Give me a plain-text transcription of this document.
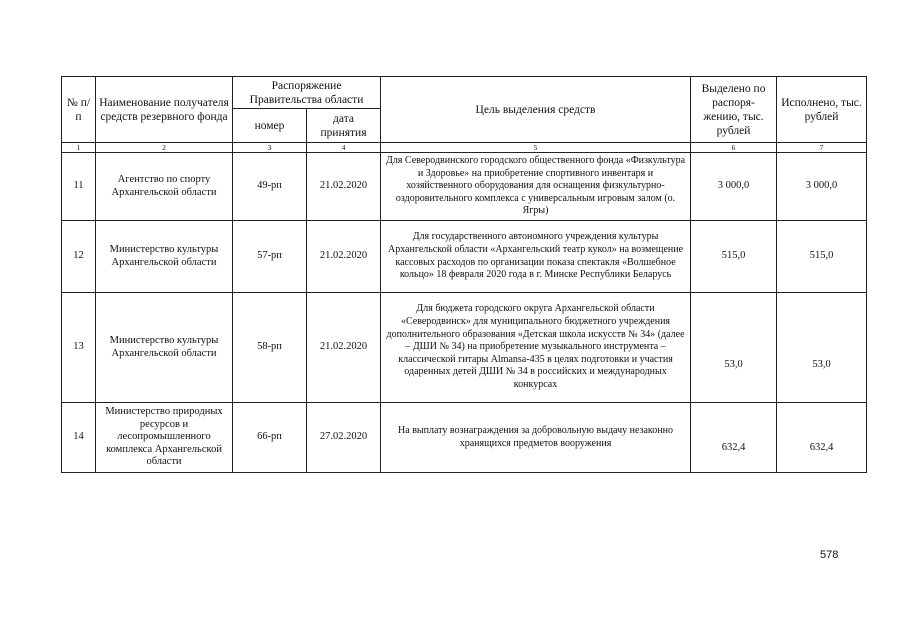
№ п/п	Наименование получателя средств резервного фонда	Распоряжение Правительства области		Цель выделения средств	Выделено по распоря-жению, тыс. рублей	Исполнено, тыс. рублей
		номер	дата принятия			
1	2	3	4	5	6	7
11	Агентство по спорту Архангельской области	49-рп	21.02.2020	Для Северодвинского городского общественного фонда «Физкультура и Здоровье» на приобретение спортивного инвентаря и хозяйственного оборудования для оснащения физкультурно-оздоровительного комплекса с универсальным игровым залом (о. Ягры)	3 000,0	3 000,0
12	Министерство культуры Архангельской области	57-рп	21.02.2020	Для государственного автономного учреждения культуры Архангельской области «Архангельский театр кукол» на возмещение кассовых расходов по организации показа спектакля «Волшебное кольцо» 18 февраля 2020 года в г. Минске Республики Беларусь	515,0	515,0
13	Министерство культуры Архангельской области	58-рп	21.02.2020	Для бюджета городского округа Архангельской области «Северодвинск» для муниципального бюджетного учреждения дополнительного образования «Детская школа искусств № 34» (далее – ДШИ № 34) на приобретение музыкального инструмента – классической гитары Almansa-435 в целях подготовки и участия одаренных детей ДШИ № 34 в российских и международных конкурсах	53,0	53,0
14	Министерство природных ресурсов и лесопромышленного комплекса Архангельской области	66-рп	27.02.2020	На выплату вознаграждения за добровольную выдачу незаконно хранящихся предметов вооружения	632,4	632,4
578
